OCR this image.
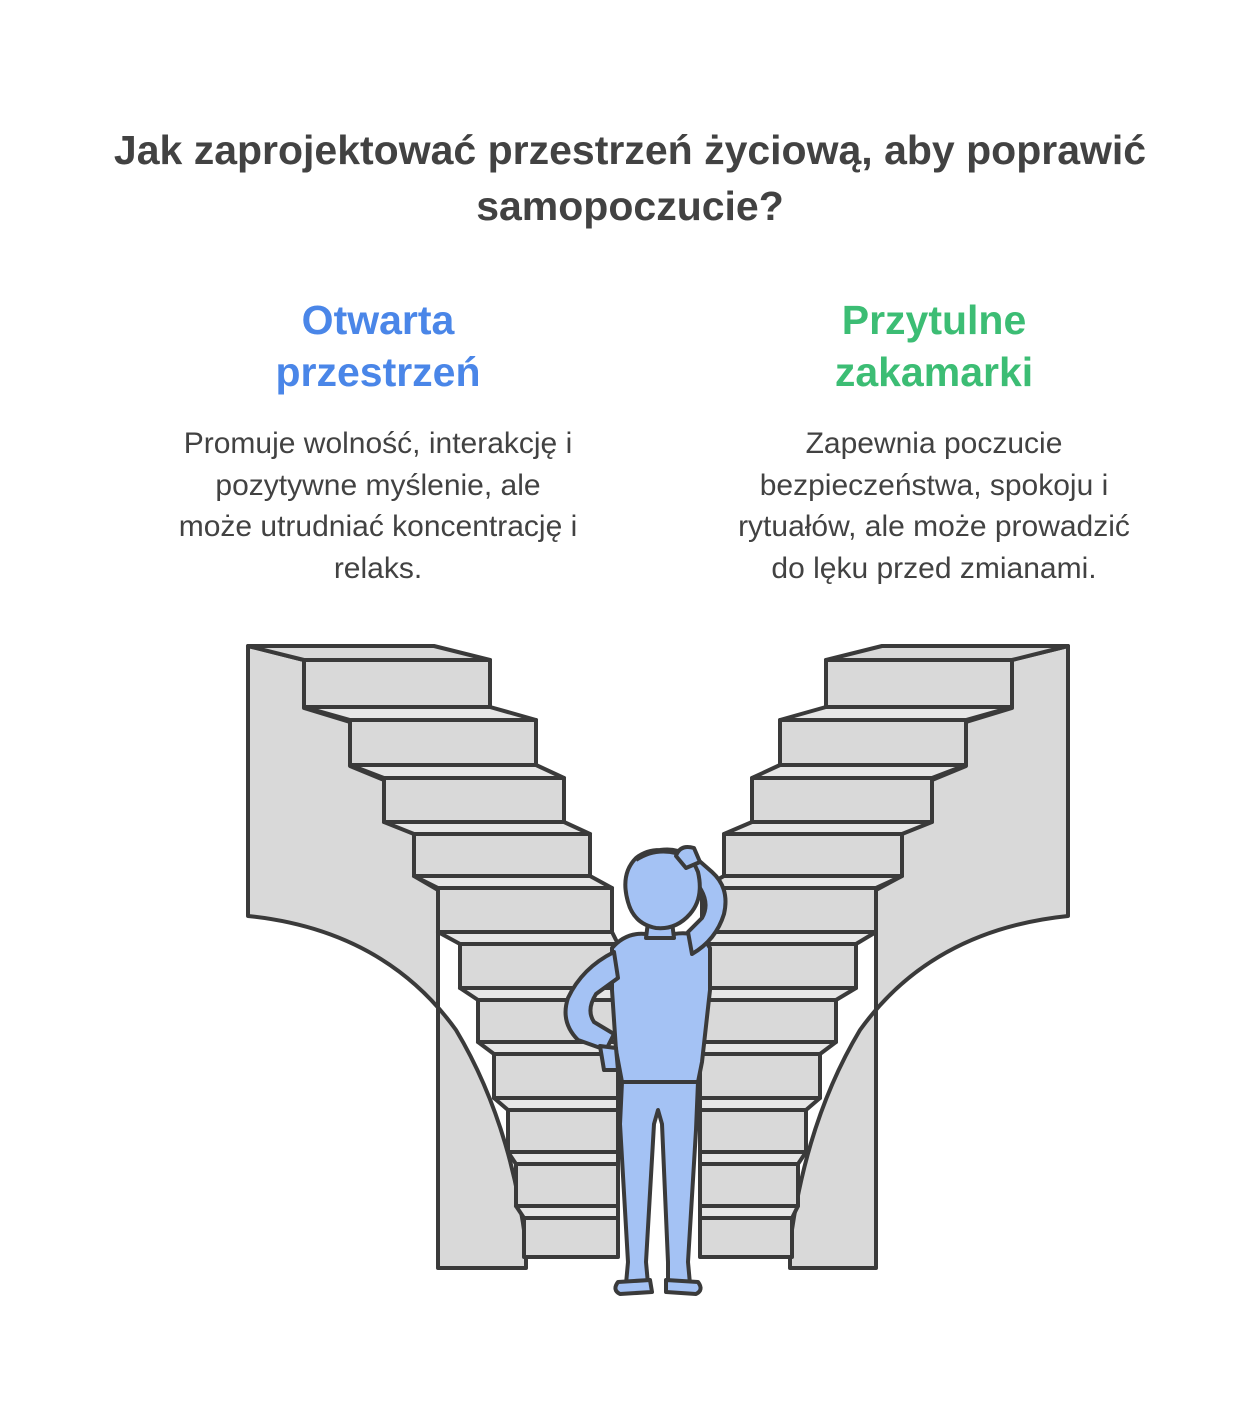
Jak zaprojektować przestrzeń życiową, aby poprawić samopoczucie?
Otwarta przestrzeń

Promuje wolność, interakcję i pozytywne myślenie, ale może utrudniać koncentrację i relaks.

Przytulne zakamarki

Zapewnia poczucie bezpieczeństwa, spokoju i rytuałów, ale może prowadzić do lęku przed zmianami.
